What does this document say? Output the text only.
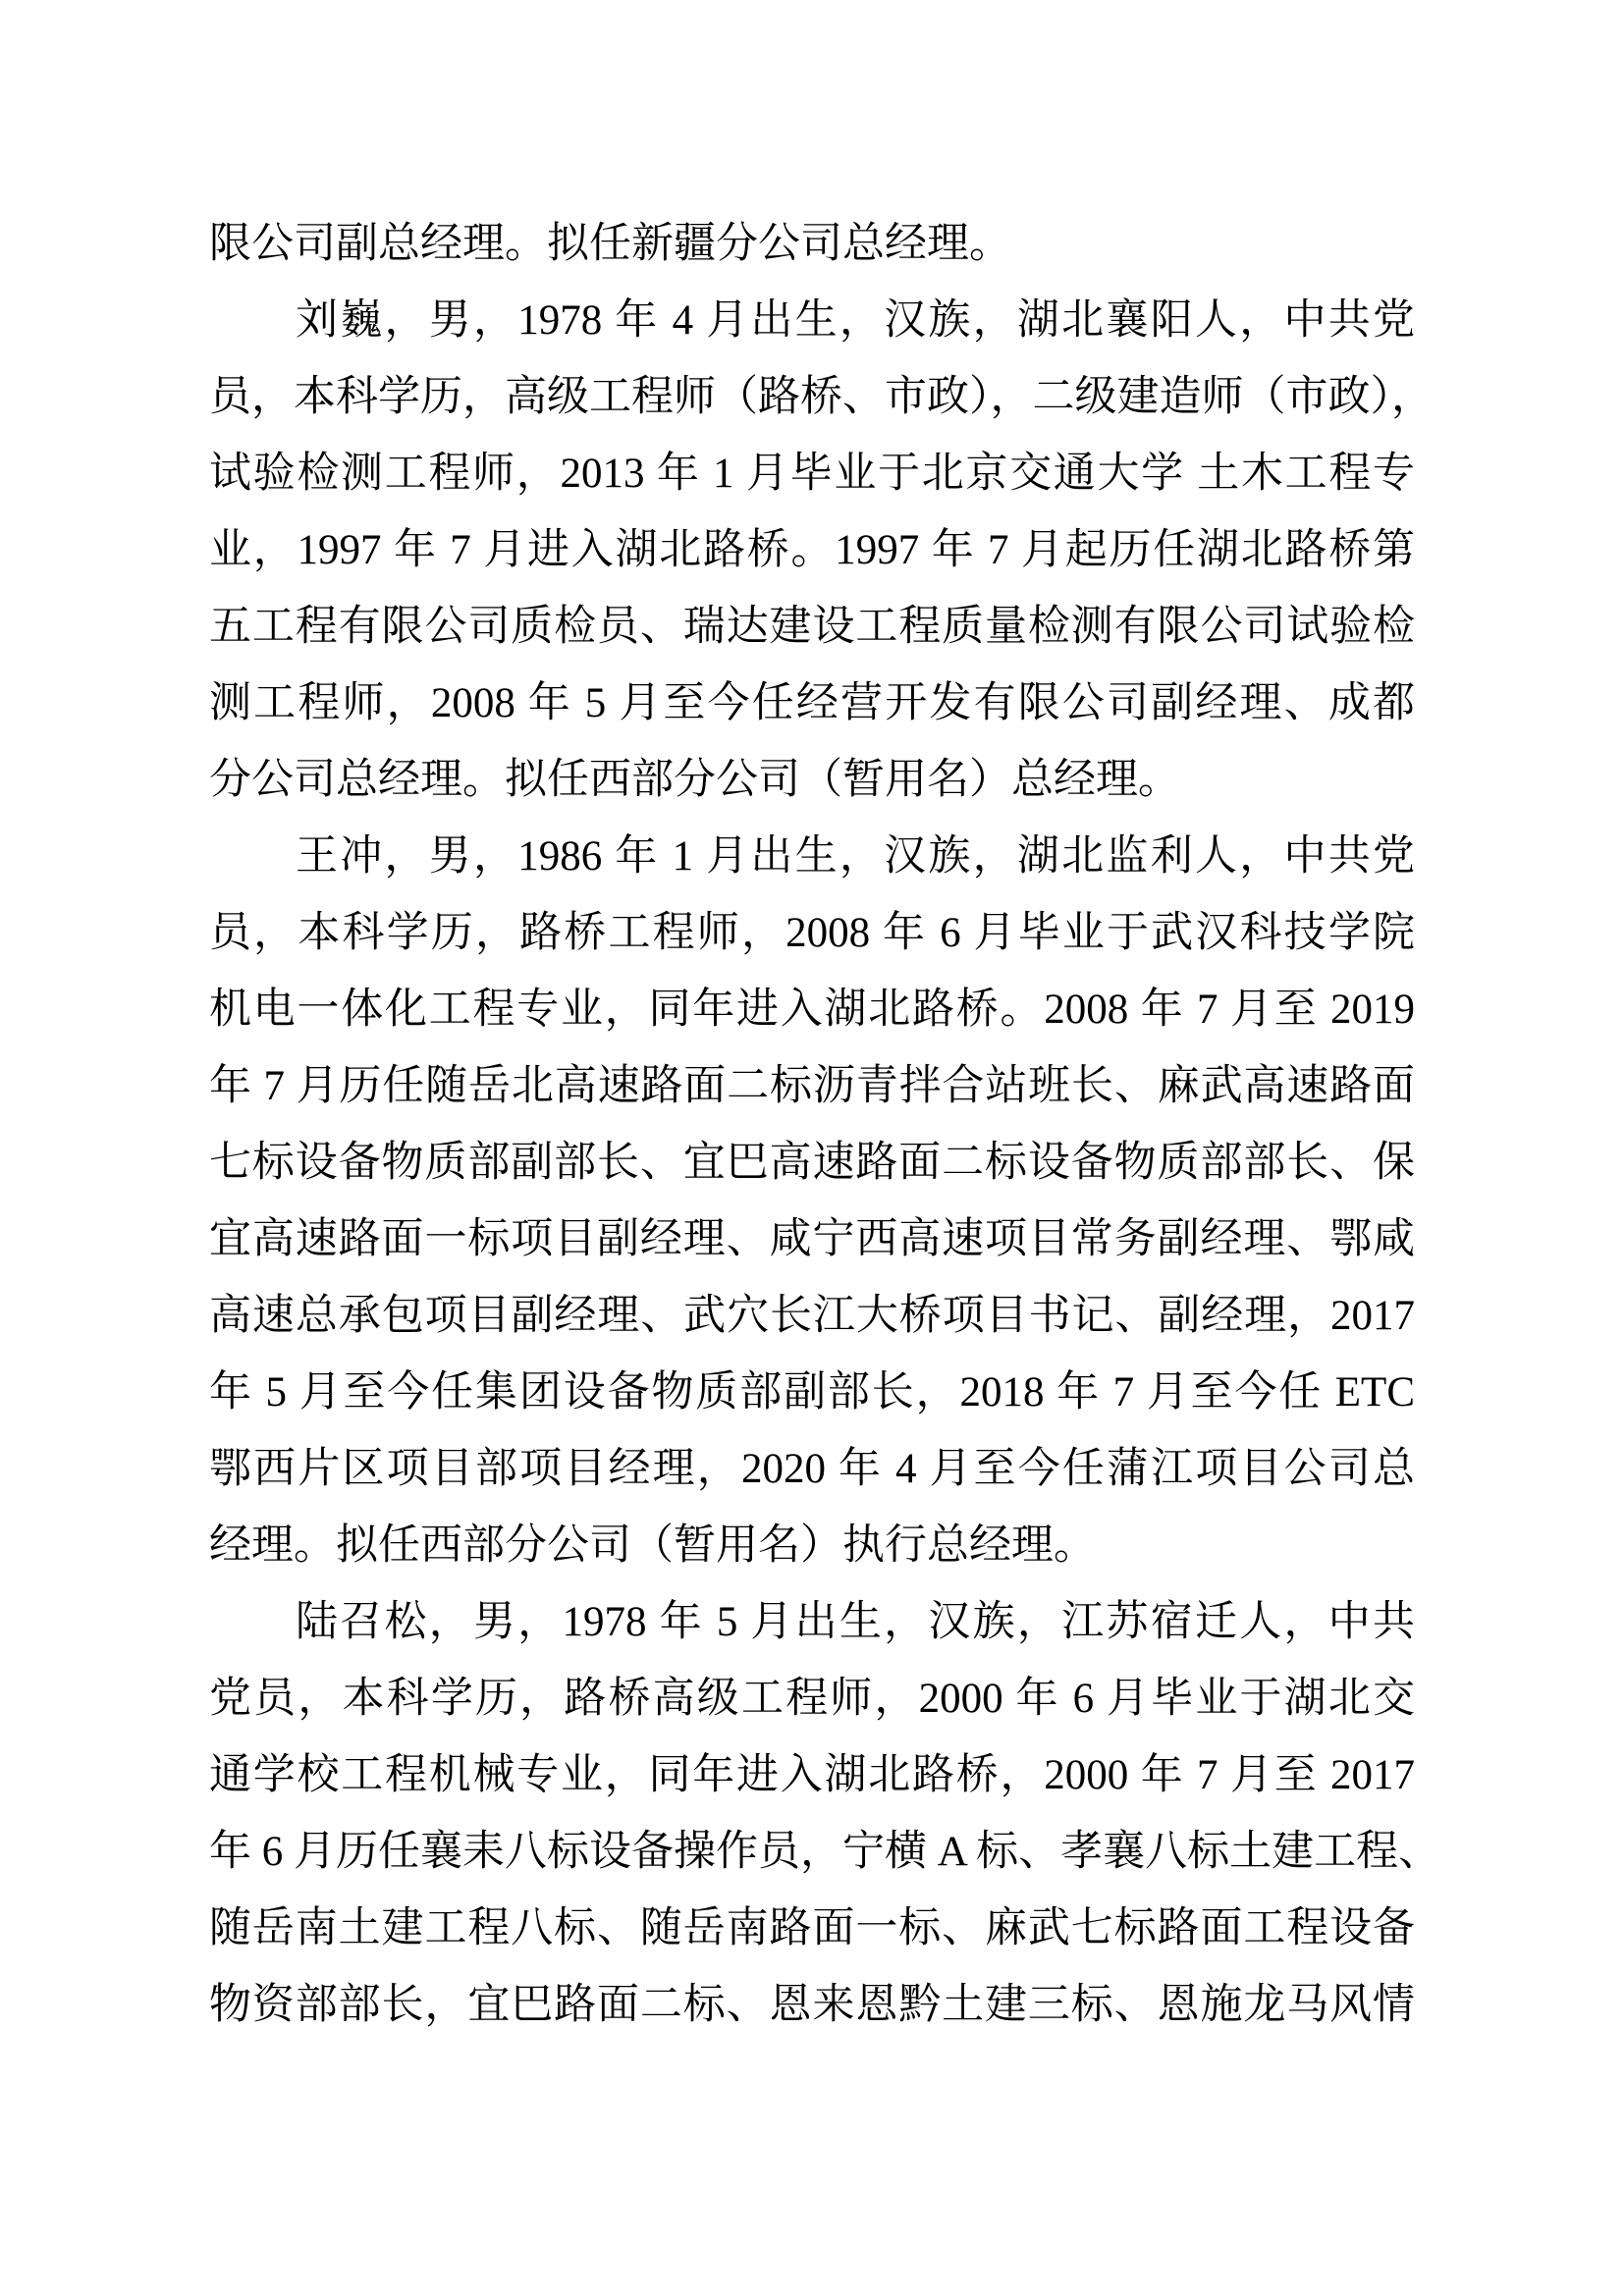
限公司副总经理。拟任新疆分公司总经理。
刘巍，男，1978 年 4 月出生，汉族，湖北襄阳人，中共党
员，本科学历，高级工程师（路桥、市政），二级建造师（市政），
试验检测工程师，2013 年 1 月毕业于北京交通大学 土木工程专
业，1997 年 7 月进入湖北路桥。1997 年 7 月起历任湖北路桥第
五工程有限公司质检员、瑞达建设工程质量检测有限公司试验检
测工程师，2008 年 5 月至今任经营开发有限公司副经理、成都
分公司总经理。拟任西部分公司（暂用名）总经理。
王冲，男，1986 年 1 月出生，汉族，湖北监利人，中共党
员，本科学历，路桥工程师，2008 年 6 月毕业于武汉科技学院
机电一体化工程专业，同年进入湖北路桥。2008 年 7 月至 2019
年 7 月历任随岳北高速路面二标沥青拌合站班长、麻武高速路面
七标设备物质部副部长、宜巴高速路面二标设备物质部部长、保
宜高速路面一标项目副经理、咸宁西高速项目常务副经理、鄂咸
高速总承包项目副经理、武穴长江大桥项目书记、副经理，2017
年 5 月至今任集团设备物质部副部长，2018 年 7 月至今任 ETC
鄂西片区项目部项目经理，2020 年 4 月至今任蒲江项目公司总
经理。拟任西部分公司（暂用名）执行总经理。
陆召松，男，1978 年 5 月出生，汉族，江苏宿迁人，中共
党员，本科学历，路桥高级工程师，2000 年 6 月毕业于湖北交
通学校工程机械专业，同年进入湖北路桥，2000 年 7 月至 2017
年 6 月历任襄耒八标设备操作员，宁横 A 标、孝襄八标土建工程、
随岳南土建工程八标、随岳南路面一标、麻武七标路面工程设备
物资部部长，宜巴路面二标、恩来恩黔土建三标、恩施龙马风情
